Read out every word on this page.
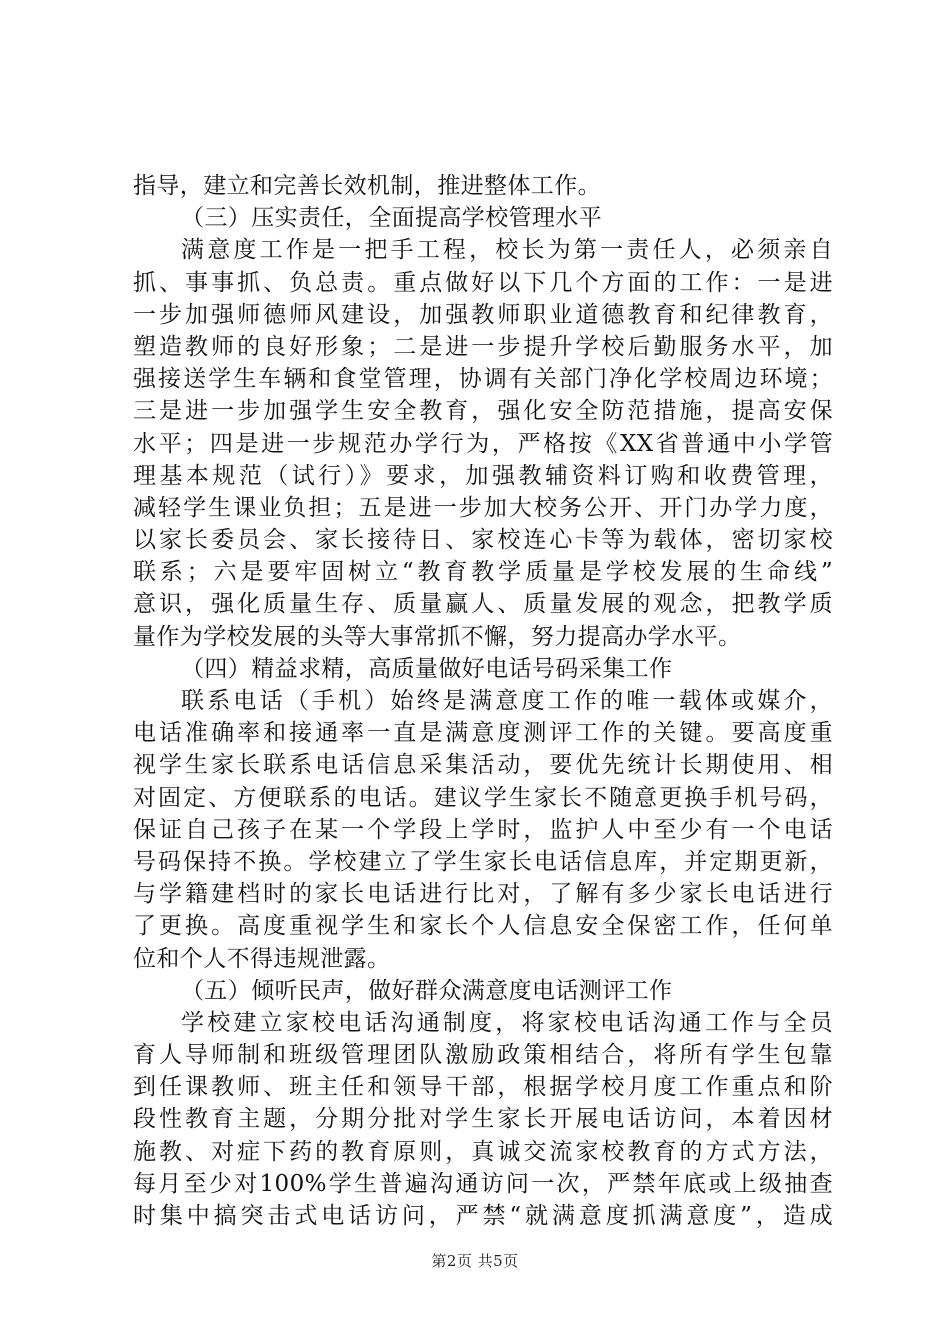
指导，建立和完善长效机制，推进整体工作。
（三）压实责任，全面提高学校管理水平
满意度工作是一把手工程，校长为第一责任人，必须亲自
抓、事事抓、负总责。重点做好以下几个方面的工作：一是进
一步加强师德师风建设，加强教师职业道德教育和纪律教育，
塑造教师的良好形象；二是进一步提升学校后勤服务水平，加
强接送学生车辆和食堂管理，协调有关部门净化学校周边环境；
三是进一步加强学生安全教育，强化安全防范措施，提高安保
水平；四是进一步规范办学行为，严格按《XX省普通中小学管
理基本规范（试行）》要求，加强教辅资料订购和收费管理，
减轻学生课业负担；五是进一步加大校务公开、开门办学力度，
以家长委员会、家长接待日、家校连心卡等为载体，密切家校
联系；六是要牢固树立“教育教学质量是学校发展的生命线”
意识，强化质量生存、质量赢人、质量发展的观念，把教学质
量作为学校发展的头等大事常抓不懈，努力提高办学水平。
（四）精益求精，高质量做好电话号码采集工作
联系电话（手机）始终是满意度工作的唯一载体或媒介，
电话准确率和接通率一直是满意度测评工作的关键。要高度重
视学生家长联系电话信息采集活动，要优先统计长期使用、相
对固定、方便联系的电话。建议学生家长不随意更换手机号码，
保证自己孩子在某一个学段上学时，监护人中至少有一个电话
号码保持不换。学校建立了学生家长电话信息库，并定期更新，
与学籍建档时的家长电话进行比对，了解有多少家长电话进行
了更换。高度重视学生和家长个人信息安全保密工作，任何单
位和个人不得违规泄露。
（五）倾听民声，做好群众满意度电话测评工作
学校建立家校电话沟通制度，将家校电话沟通工作与全员
育人导师制和班级管理团队激励政策相结合，将所有学生包靠
到任课教师、班主任和领导干部，根据学校月度工作重点和阶
段性教育主题，分期分批对学生家长开展电话访问，本着因材
施教、对症下药的教育原则，真诚交流家校教育的方式方法，
每月至少对100%学生普遍沟通访问一次，严禁年底或上级抽查
时集中搞突击式电话访问，严禁“就满意度抓满意度”，造成
第2页 共5页
